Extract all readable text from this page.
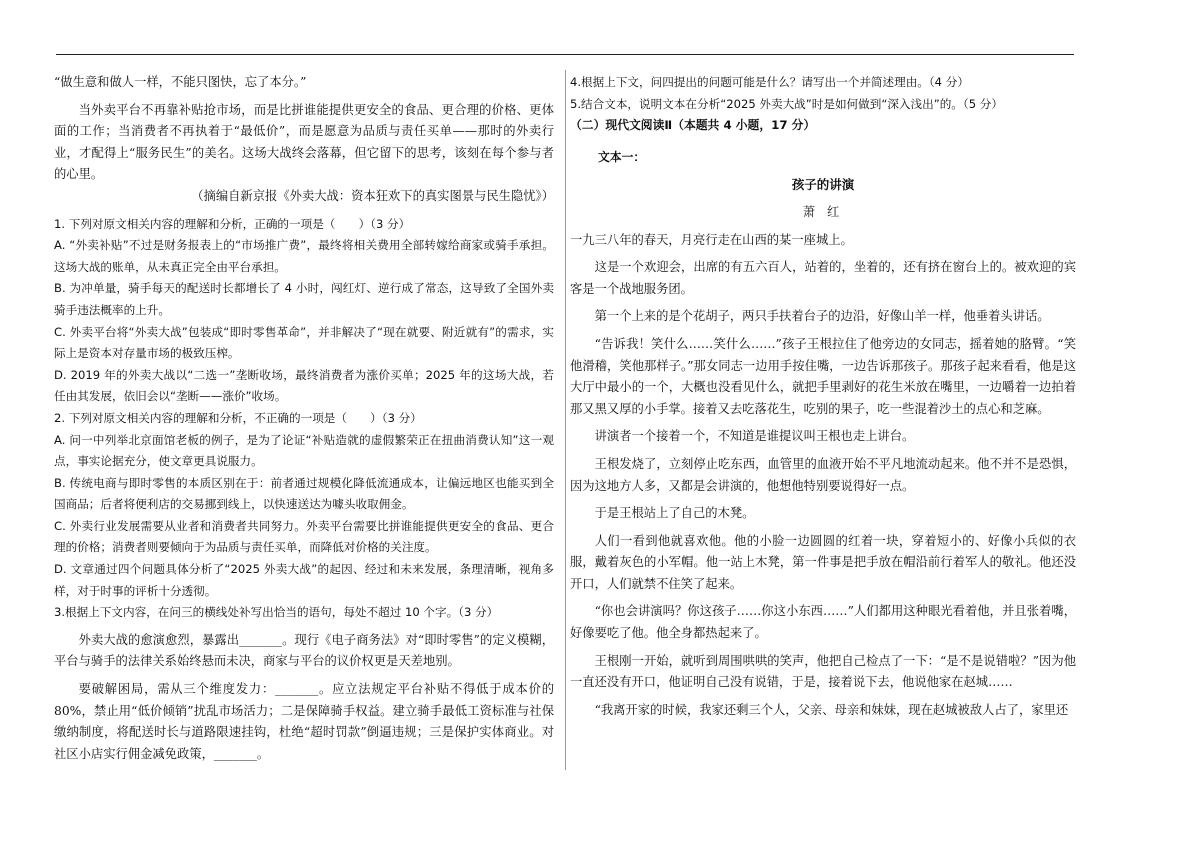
“做生意和做人一样，不能只图快，忘了本分。”

当外卖平台不再靠补贴抢市场，而是比拼谁能提供更安全的食品、更合理的价格、更体面的工作；当消费者不再执着于“最低价”，而是愿意为品质与责任买单——那时的外卖行业，才配得上“服务民生”的美名。这场大战终会落幕，但它留下的思考，该刻在每个参与者的心里。

（摘编自新京报《外卖大战：资本狂欢下的真实图景与民生隐忧》）

1. 下列对原文相关内容的理解和分析，正确的一项是（　　）（3 分）

A. “外卖补贴”不过是财务报表上的“市场推广费”，最终将相关费用全部转嫁给商家或骑手承担。这场大战的账单，从未真正完全由平台承担。

B. 为冲单量，骑手每天的配送时长都增长了 4 小时，闯红灯、逆行成了常态，这导致了全国外卖骑手违法概率的上升。

C. 外卖平台将“外卖大战”包装成“即时零售革命”，并非解决了“现在就要、附近就有”的需求，实际上是资本对存量市场的极致压榨。

D. 2019 年的外卖大战以“二选一”垄断收场，最终消费者为涨价买单；2025 年的这场大战，若任由其发展，依旧会以“垄断——涨价”收场。

2. 下列对原文相关内容的理解和分析，不正确的一项是（　　）（3 分）

A. 问一中列举北京面馆老板的例子，是为了论证“补贴造就的虚假繁荣正在扭曲消费认知”这一观点，事实论据充分，使文章更具说服力。

B. 传统电商与即时零售的本质区别在于：前者通过规模化降低流通成本，让偏远地区也能买到全国商品；后者将便利店的交易挪到线上，以快速送达为噱头收取佣金。

C. 外卖行业发展需要从业者和消费者共同努力。外卖平台需要比拼谁能提供更安全的食品、更合理的价格；消费者则要倾向于为品质与责任买单，而降低对价格的关注度。

D. 文章通过四个问题具体分析了“2025 外卖大战”的起因、经过和未来发展，条理清晰，视角多样，对于时事的评析十分透彻。

3.根据上下文内容，在问三的横线处补写出恰当的语句，每处不超过 10 个字。（3 分）

外卖大战的愈演愈烈，暴露出_______。现行《电子商务法》对“即时零售”的定义模糊，平台与骑手的法律关系始终悬而未决，商家与平台的议价权更是天差地别。

要破解困局，需从三个维度发力：_______。应立法规定平台补贴不得低于成本价的 80%，禁止用“低价倾销”扰乱市场活力；二是保障骑手权益。建立骑手最低工资标准与社保缴纳制度，将配送时长与道路限速挂钩，杜绝“超时罚款”倒逼违规；三是保护实体商业。对社区小店实行佣金减免政策，_______。

4.根据上下文，问四提出的问题可能是什么？请写出一个并简述理由。（4 分）

5.结合文本，说明文本在分析“2025 外卖大战”时是如何做到“深入浅出”的。（5 分）

（二）现代文阅读Ⅱ（本题共 4 小题，17 分）

文本一：

孩子的讲演

萧 红

一九三八年的春天，月亮行走在山西的某一座城上。

这是一个欢迎会，出席的有五六百人，站着的，坐着的，还有挤在窗台上的。被欢迎的宾客是一个战地服务团。

第一个上来的是个花胡子，两只手扶着台子的边沿，好像山羊一样，他垂着头讲话。

“告诉我！笑什么……笑什么……”孩子王根拉住了他旁边的女同志，摇着她的胳臂。“笑他滑稽，笑他那样子。”那女同志一边用手按住嘴，一边告诉那孩子。那孩子起来看看，他是这大厅中最小的一个，大概也没看见什么，就把手里剥好的花生米放在嘴里，一边嚼着一边拍着那又黑又厚的小手掌。接着又去吃落花生，吃别的果子，吃一些混着沙土的点心和芝麻。

讲演者一个接着一个，不知道是谁提议叫王根也走上讲台。

王根发烧了，立刻停止吃东西，血管里的血液开始不平凡地流动起来。他不并不是恐惧，因为这地方人多，又都是会讲演的，他想他特别要说得好一点。

于是王根站上了自己的木凳。

人们一看到他就喜欢他。他的小脸一边圆圆的红着一块，穿着短小的、好像小兵似的衣服，戴着灰色的小军帽。他一站上木凳，第一件事是把手放在帽沿前行着军人的敬礼。他还没开口，人们就禁不住笑了起来。

“你也会讲演吗？你这孩子……你这小东西……”人们都用这种眼光看着他，并且张着嘴，好像要吃了他。他全身都热起来了。

王根刚一开始，就听到周围哄哄的笑声，他把自己检点了一下：“是不是说错啦？”因为他一直还没有开口，他证明自己没有说错，于是，接着说下去，他说他家在赵城……

“我离开家的时候，我家还剩三个人，父亲、母亲和妹妹，现在赵城被敌人占了，家里还
